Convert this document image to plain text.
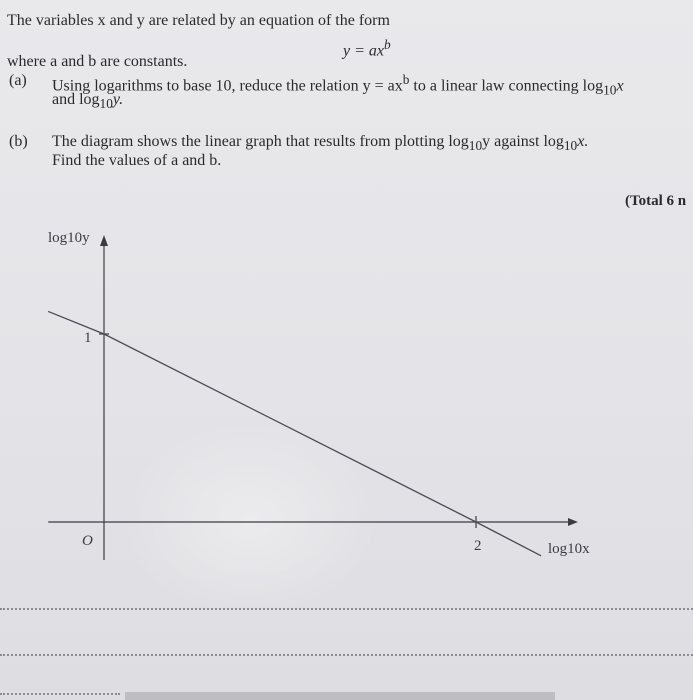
The variables x and y are related by an equation of the form
$y = ax^b$
where a and b are constants.
(a) Using logarithms to base 10, reduce the relation $y = ax^b$ to a linear law connecting $\log_{10}x$
and $\log_{10}y$.
(b) The diagram shows the linear graph that results from plotting $\log_{10}y$ against $\log_{10}x$.
Find the values of a and b.
(Total 6 n
1
2
O
log10y
log10x
